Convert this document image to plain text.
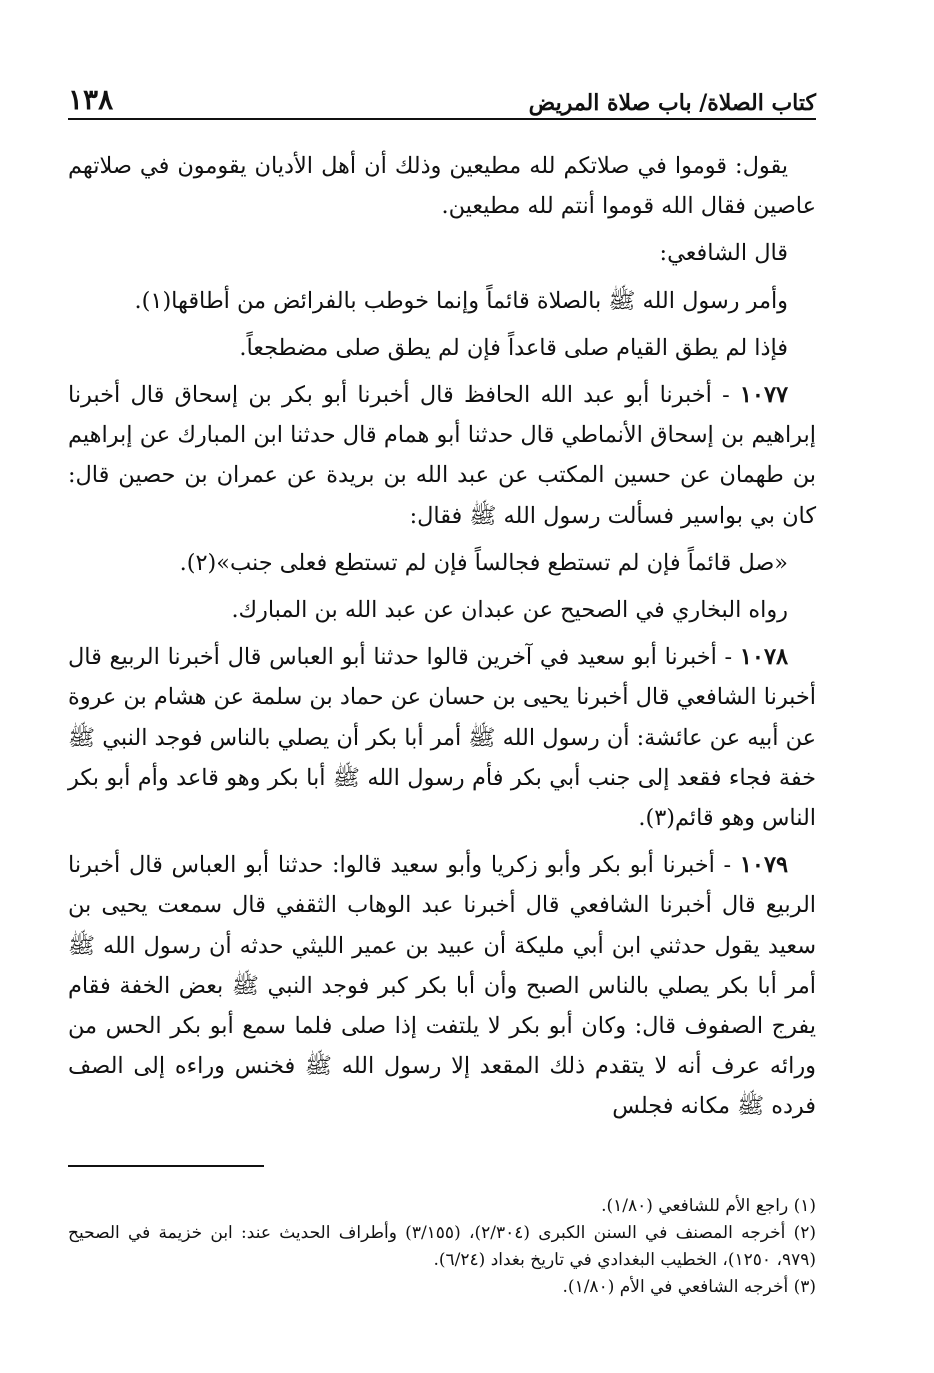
كتاب الصلاة/ باب صلاة المريض
١٣٨

يقول: قوموا في صلاتكم لله مطيعين وذلك أن أهل الأديان يقومون في صلاتهم عاصين فقال الله قوموا أنتم لله مطيعين.

قال الشافعي:

وأمر رسول الله ﷺ بالصلاة قائماً وإنما خوطب بالفرائض من أطاقها(١).

فإذا لم يطق القيام صلى قاعداً فإن لم يطق صلى مضطجعاً.

١٠٧٧ - أخبرنا أبو عبد الله الحافظ قال أخبرنا أبو بكر بن إسحاق قال أخبرنا إبراهيم بن إسحاق الأنماطي قال حدثنا أبو همام قال حدثنا ابن المبارك عن إبراهيم بن طهمان عن حسين المكتب عن عبد الله بن بريدة عن عمران بن حصين قال: كان بي بواسير فسألت رسول الله ﷺ فقال:

«صل قائماً فإن لم تستطع فجالساً فإن لم تستطع فعلى جنب»(٢).

رواه البخاري في الصحيح عن عبدان عن عبد الله بن المبارك.

١٠٧٨ - أخبرنا أبو سعيد في آخرين قالوا حدثنا أبو العباس قال أخبرنا الربيع قال أخبرنا الشافعي قال أخبرنا يحيى بن حسان عن حماد بن سلمة عن هشام بن عروة عن أبيه عن عائشة: أن رسول الله ﷺ أمر أبا بكر أن يصلي بالناس فوجد النبي ﷺ خفة فجاء فقعد إلى جنب أبي بكر فأم رسول الله ﷺ أبا بكر وهو قاعد وأم أبو بكر الناس وهو قائم(٣).

١٠٧٩ - أخبرنا أبو بكر وأبو زكريا وأبو سعيد قالوا: حدثنا أبو العباس قال أخبرنا الربيع قال أخبرنا الشافعي قال أخبرنا عبد الوهاب الثقفي قال سمعت يحيى بن سعيد يقول حدثني ابن أبي مليكة أن عبيد بن عمير الليثي حدثه أن رسول الله ﷺ أمر أبا بكر يصلي بالناس الصبح وأن أبا بكر كبر فوجد النبي ﷺ بعض الخفة فقام يفرج الصفوف قال: وكان أبو بكر لا يلتفت إذا صلى فلما سمع أبو بكر الحس من ورائه عرف أنه لا يتقدم ذلك المقعد إلا رسول الله ﷺ فخنس وراءه إلى الصف فرده ﷺ مكانه فجلس

(١) راجع الأم للشافعي (١/٨٠).

(٢) أخرجه المصنف في السنن الكبرى (٢/٣٠٤)، (٣/١٥٥) وأطراف الحديث عند: ابن خزيمة في الصحيح (٩٧٩، ١٢٥٠)، الخطيب البغدادي في تاريخ بغداد (٦/٢٤).

(٣) أخرجه الشافعي في الأم (١/٨٠).
